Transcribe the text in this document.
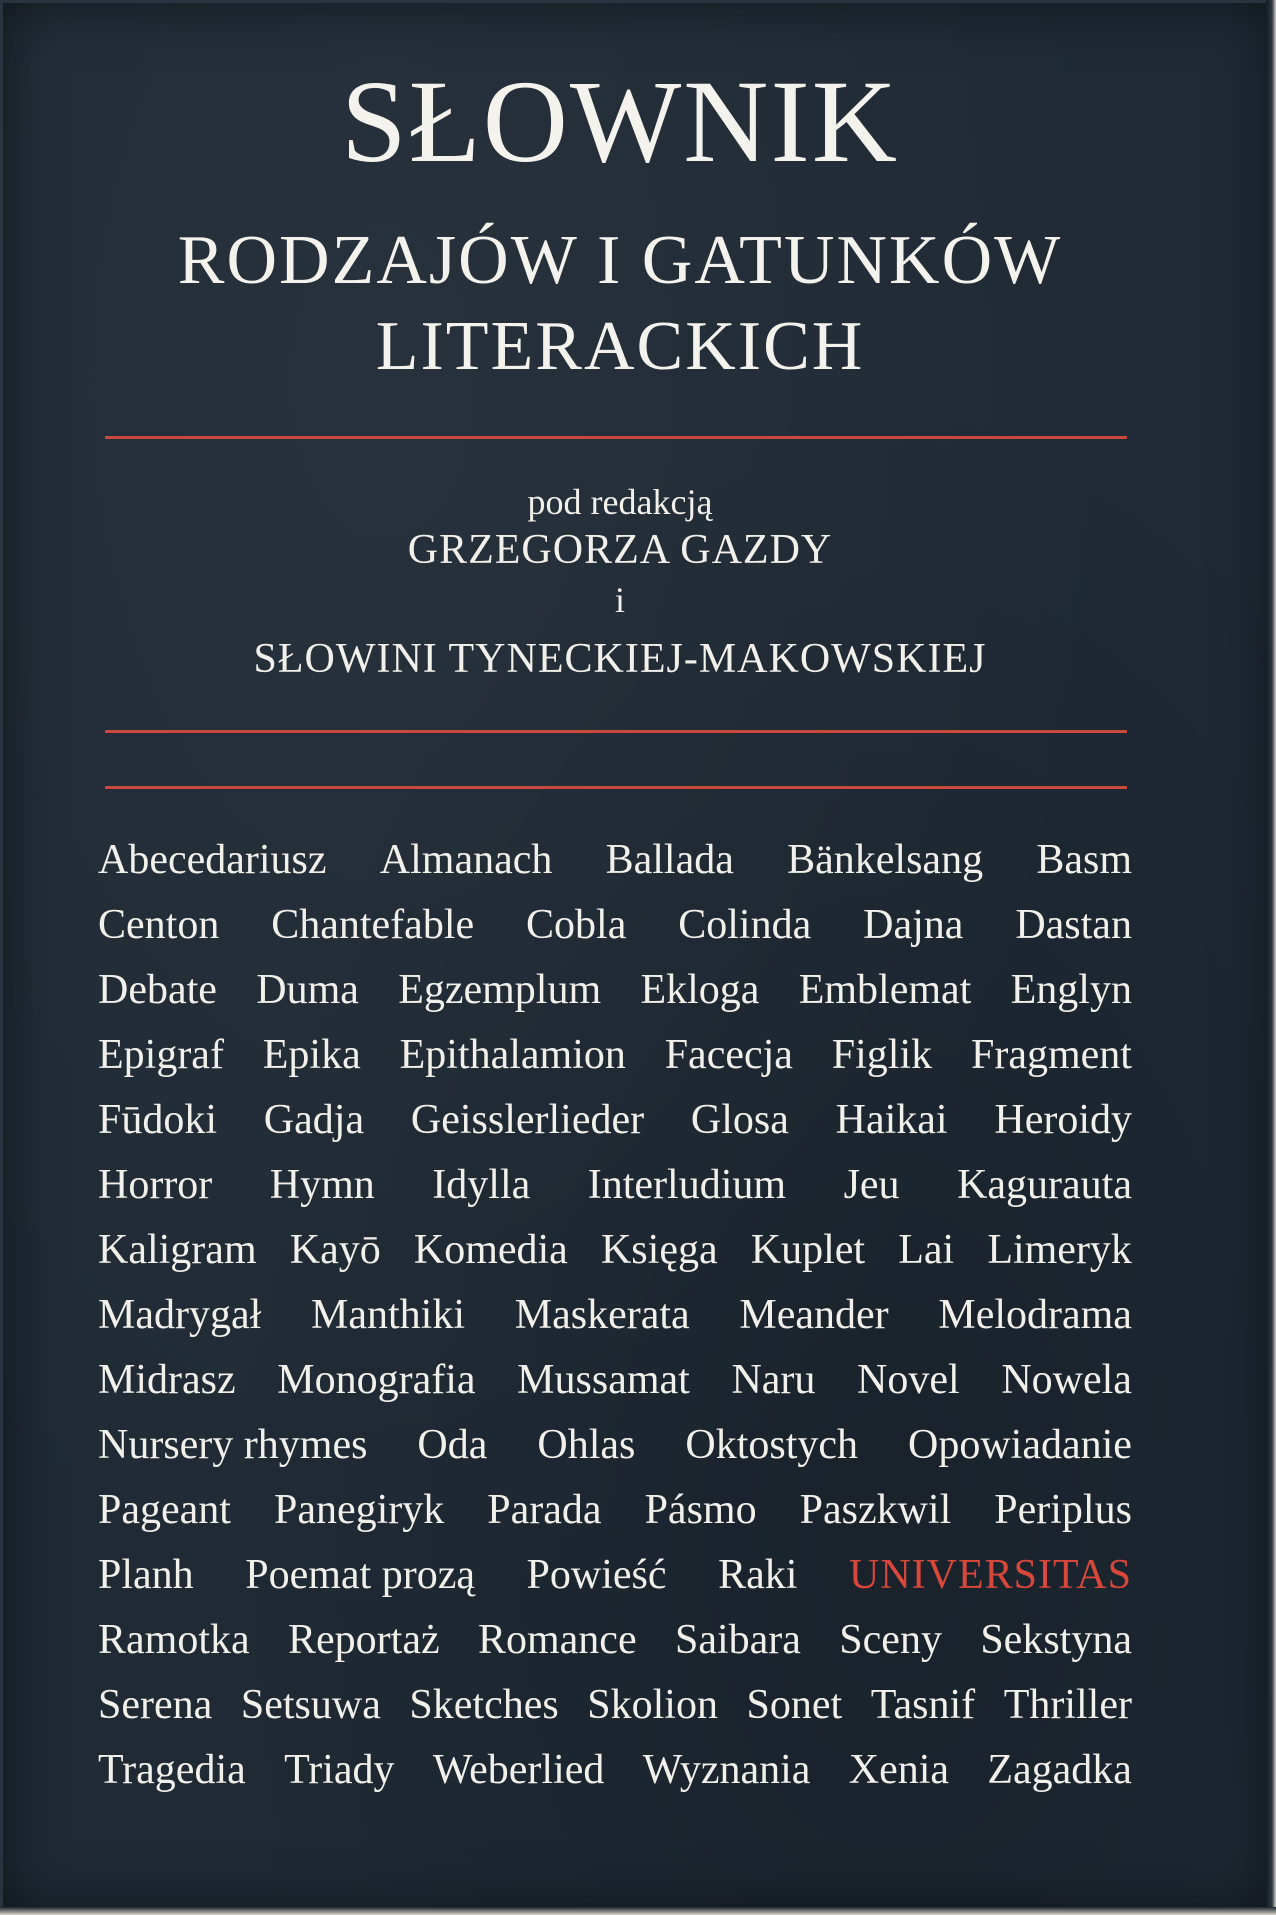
SŁOWNIK
RODZAJÓW I GATUNKÓW
LITERACKICH
pod redakcją
GRZEGORZA GAZDY
i
SŁOWINI TYNECKIEJ-MAKOWSKIEJ
Abecedariusz Almanach Ballada Bänkelsang Basm
Centon Chantefable Cobla Colinda Dajna Dastan
Debate Duma Egzemplum Ekloga Emblemat Englyn
Epigraf Epika Epithalamion Facecja Figlik Fragment
Fūdoki Gadja Geisslerlieder Glosa Haikai Heroidy
Horror Hymn Idylla Interludium Jeu Kagurauta
Kaligram Kayō Komedia Księga Kuplet Lai Limeryk
Madrygał Manthiki Maskerata Meander Melodrama
Midrasz Monografia Mussamat Naru Novel Nowela
Nursery rhymes Oda Ohlas Oktostych Opowiadanie
Pageant Panegiryk Parada Pásmo Paszkwil Periplus
Planh Poemat prozą Powieść Raki UNIVERSITAS
Ramotka Reportaż Romance Saibara Sceny Sekstyna
Serena Setsuwa Sketches Skolion Sonet Tasnif Thriller
Tragedia Triady Weberlied Wyznania Xenia Zagadka
